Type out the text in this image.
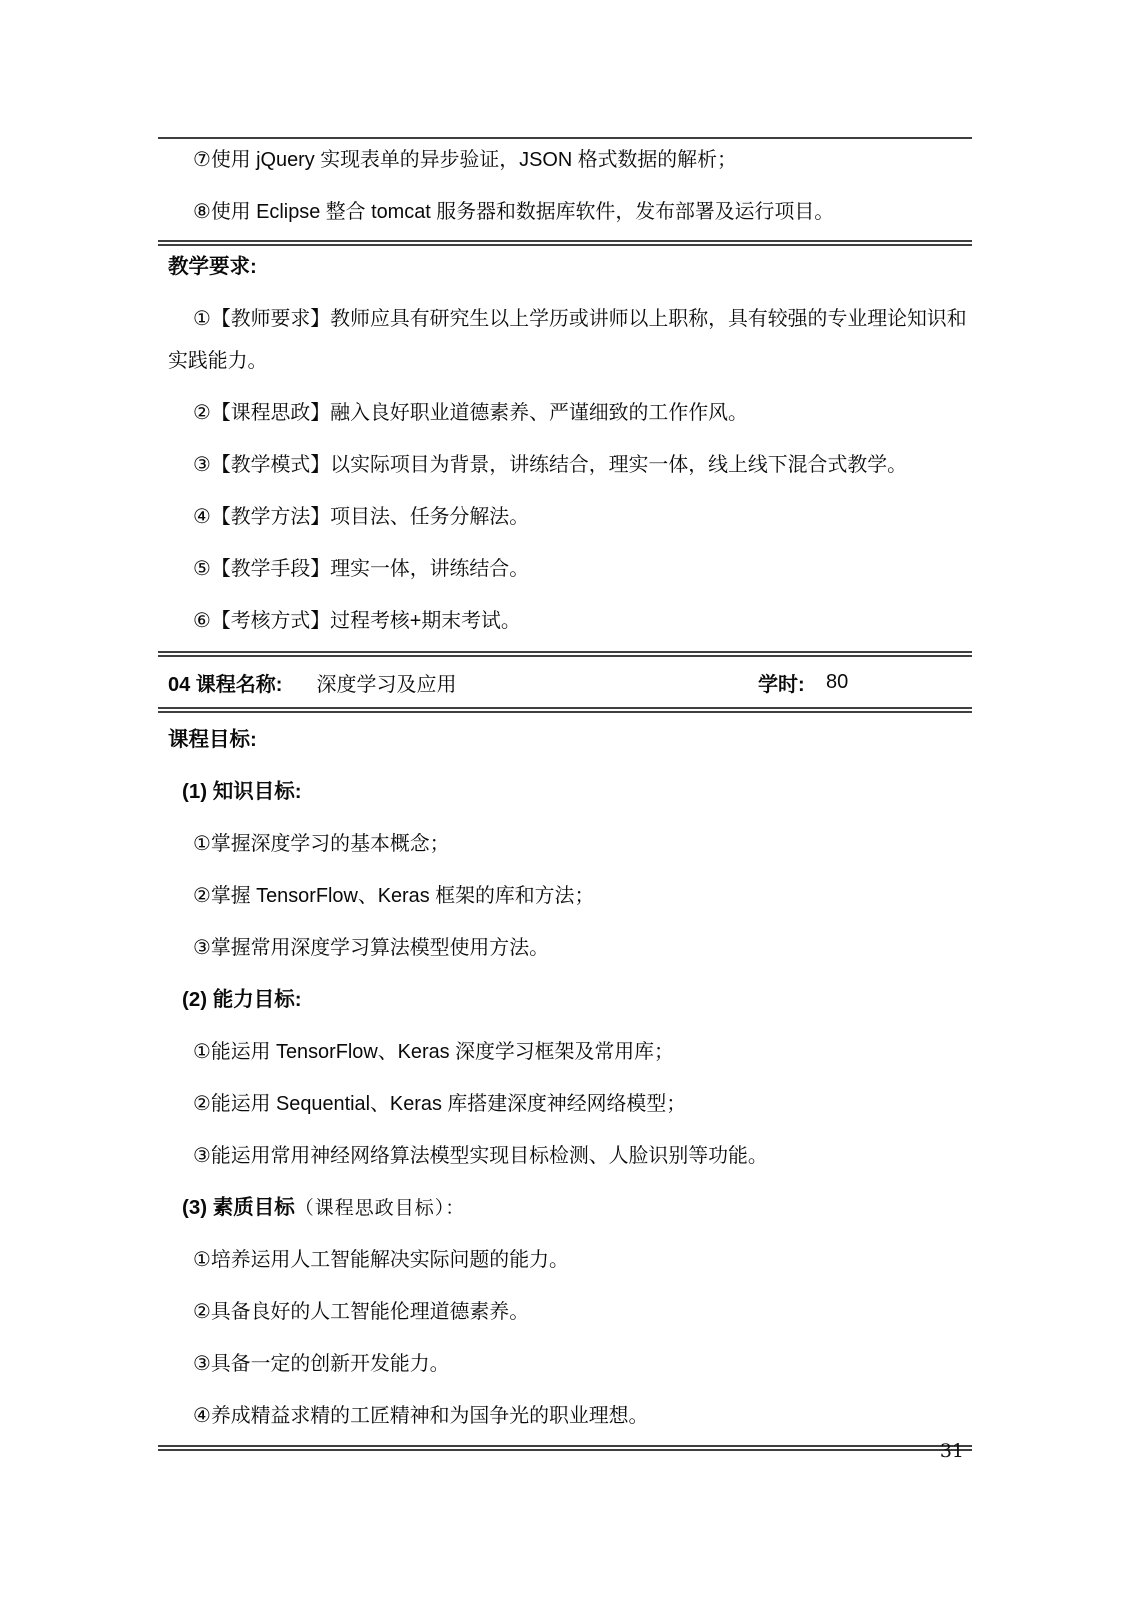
⑦使用 jQuery 实现表单的异步验证，JSON 格式数据的解析；

⑧使用 Eclipse 整合 tomcat 服务器和数据库软件，发布部署及运行项目。

教学要求:

①【教师要求】教师应具有研究生以上学历或讲师以上职称，具有较强的专业理论知识和实践能力。

②【课程思政】融入良好职业道德素养、严谨细致的工作作风。

③【教学模式】以实际项目为背景，讲练结合，理实一体，线上线下混合式教学。

④【教学方法】项目法、任务分解法。

⑤【教学手段】理实一体，讲练结合。

⑥【考核方式】过程考核+期末考试。

04 课程名称: 深度学习及应用	学时: 80

课程目标:

(1) 知识目标:

①掌握深度学习的基本概念；

②掌握 TensorFlow、Keras 框架的库和方法；

③掌握常用深度学习算法模型使用方法。

(2) 能力目标:

①能运用 TensorFlow、Keras 深度学习框架及常用库；

②能运用 Sequential、Keras 库搭建深度神经网络模型；

③能运用常用神经网络算法模型实现目标检测、人脸识别等功能。

(3) 素质目标（课程思政目标）：

①培养运用人工智能解决实际问题的能力。

②具备良好的人工智能伦理道德素养。

③具备一定的创新开发能力。

④养成精益求精的工匠精神和为国争光的职业理想。

31
